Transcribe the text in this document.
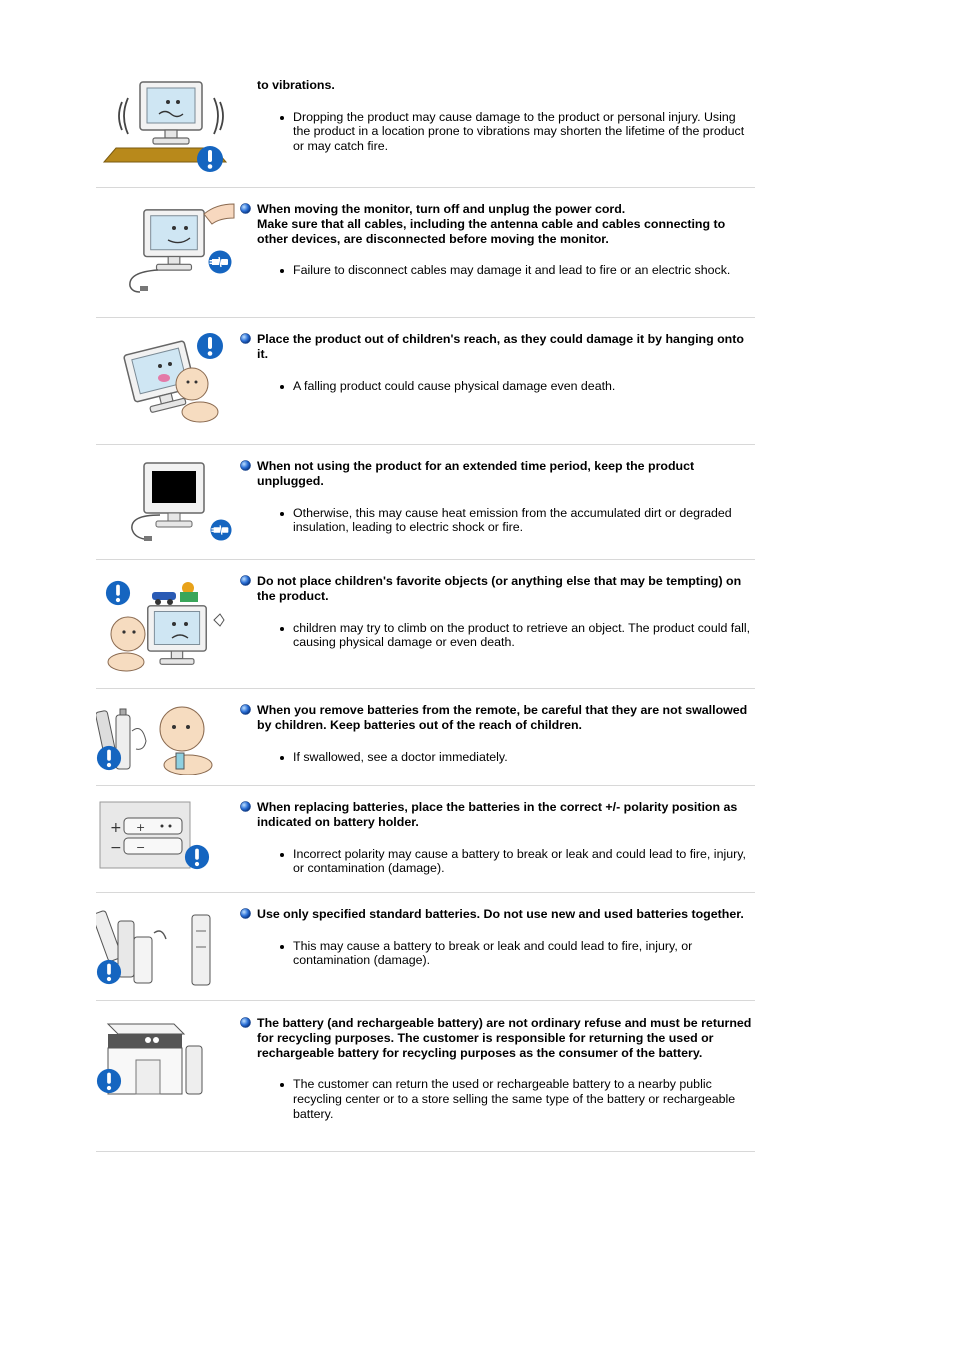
to vibrations.

Dropping the product may cause damage to the product or personal injury. Using the product in a location prone to vibrations may shorten the lifetime of the product or may catch fire.

When moving the monitor, turn off and unplug the power cord.
Make sure that all cables, including the antenna cable and cables connecting to other devices, are disconnected before moving the monitor.

Failure to disconnect cables may damage it and lead to fire or an electric shock.

Place the product out of children's reach, as they could damage it by hanging onto it.

A falling product could cause physical damage even death.

When not using the product for an extended time period, keep the product unplugged.

Otherwise, this may cause heat emission from the accumulated dirt or degraded insulation, leading to electric shock or fire.

Do not place children's favorite objects (or anything else that may be tempting) on the product.

children may try to climb on the product to retrieve an object. The product could fall, causing physical damage or even death.

When you remove batteries from the remote, be careful that they are not swallowed by children. Keep batteries out of the reach of children.

If swallowed, see a doctor immediately.
+
−
+
−

When replacing batteries, place the batteries in the correct +/- polarity position as indicated on battery holder.

Incorrect polarity may cause a battery to break or leak and could lead to fire, injury, or contamination (damage).

Use only specified standard batteries. Do not use new and used batteries together.

This may cause a battery to break or leak and could lead to fire, injury, or contamination (damage).

The battery (and rechargeable battery) are not ordinary refuse and must be returned for recycling purposes. The customer is responsible for returning the used or rechargeable battery for recycling purposes as the consumer of the battery.

The customer can return the used or rechargeable battery to a nearby public recycling center or to a store selling the same type of the battery or rechargeable battery.
